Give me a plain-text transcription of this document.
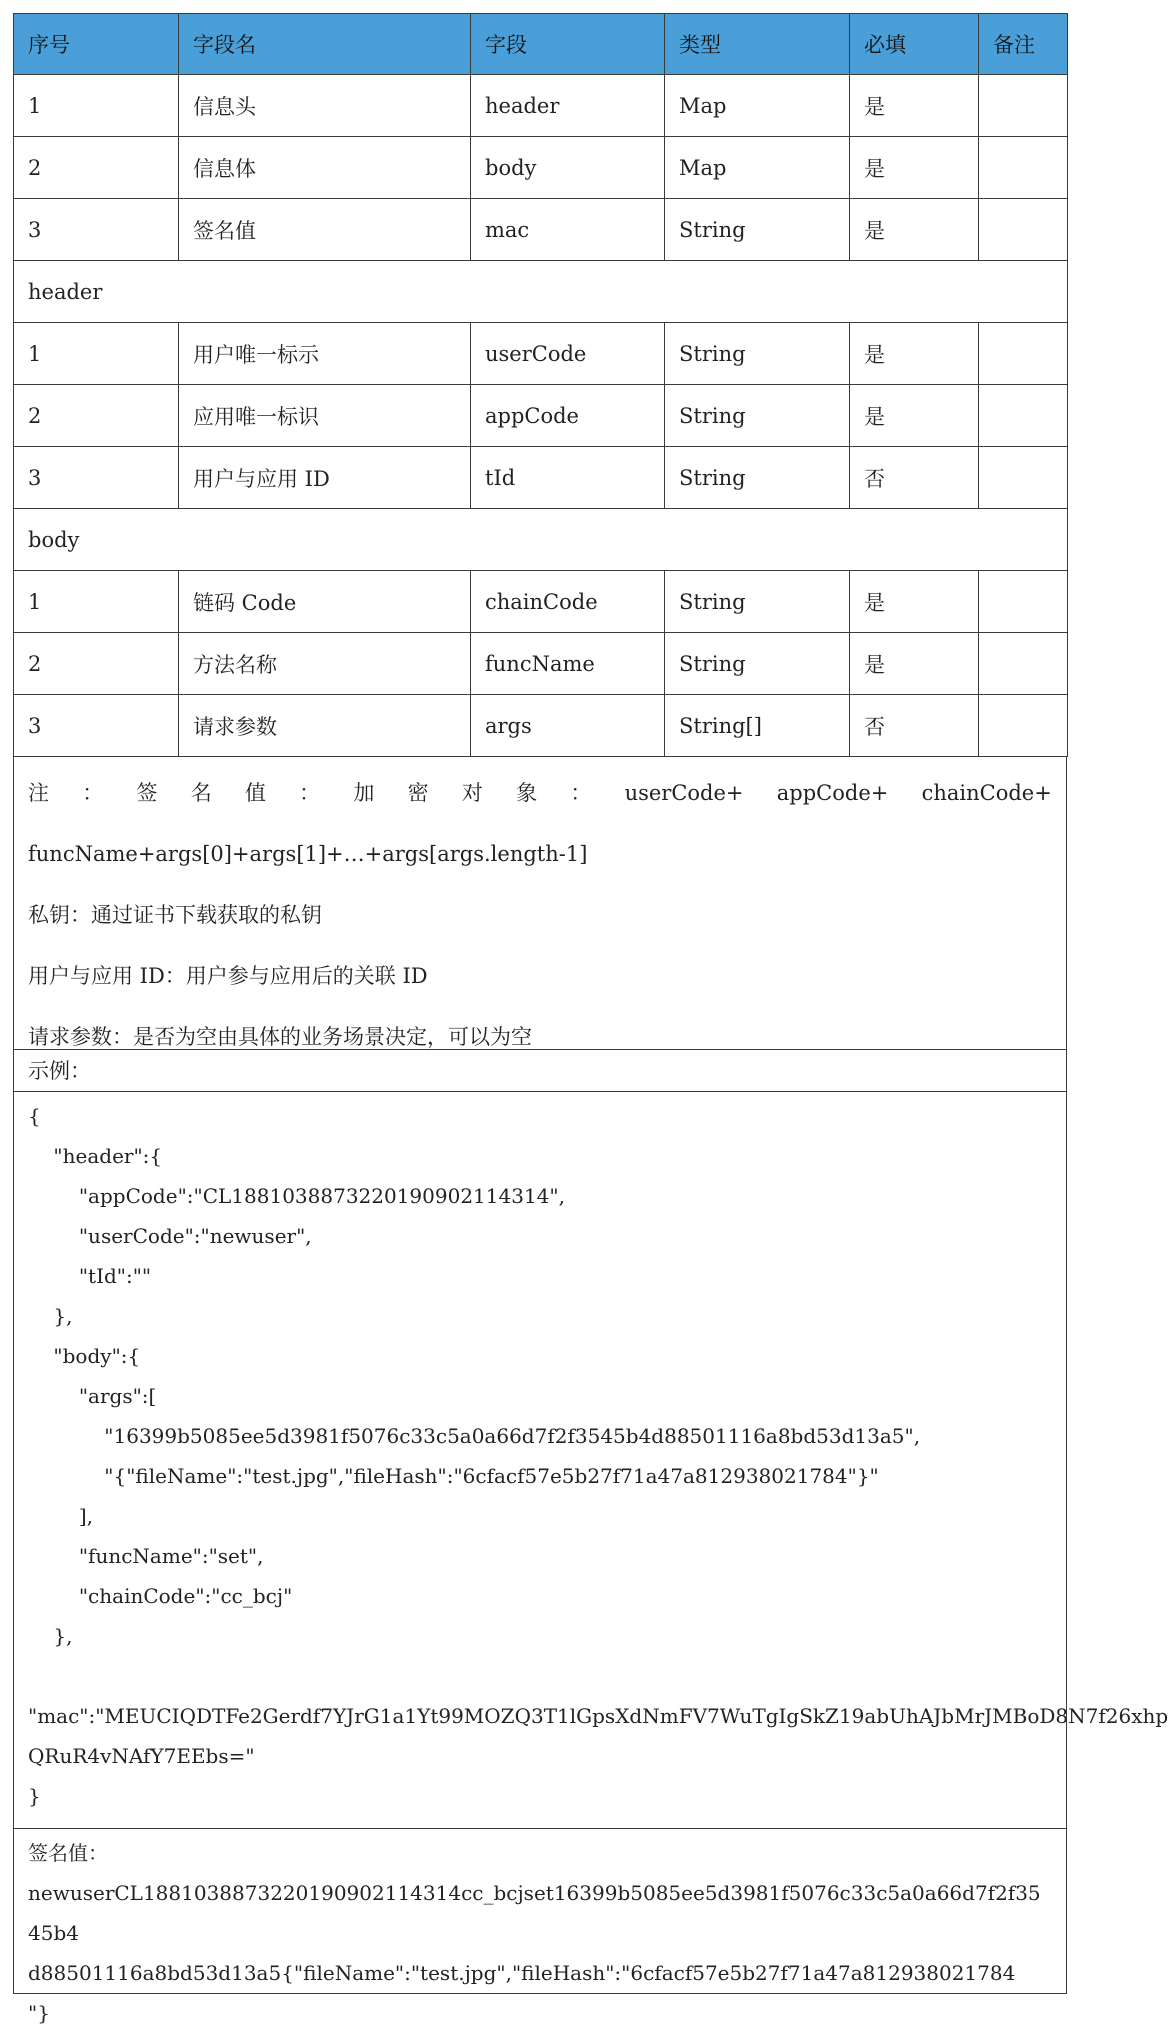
序号	字段名	字段	类型	必填	备注
1	信息头	header	Map	是	
2	信息体	body	Map	是	
3	签名值	mac	String	是	
header					
1	用户唯一标示	userCode	String	是	
2	应用唯一标识	appCode	String	是	
3	用户与应用 ID	tId	String	否	
body					
1	链码 Code	chainCode	String	是	
2	方法名称	funcName	String	是	
3	请求参数	args	String[]	否	
注 ： 签 名 值 ： 加 密 对 象 ： userCode+ appCode+ chainCode+
funcName+args[0]+args[1]+…+args[args.length-1]
私钥：通过证书下载获取的私钥
用户与应用 ID：用户参与应用后的关联 ID
请求参数：是否为空由具体的业务场景决定，可以为空
示例：
{
"header":{
"appCode":"CL1881038873220190902114314",
"userCode":"newuser",
"tId":""
},
"body":{
"args":[
"16399b5085ee5d3981f5076c33c5a0a66d7f2f3545b4d88501116a8bd53d13a5",
"{"fileName":"test.jpg","fileHash":"6cfacf57e5b27f71a47a812938021784"}"
],
"funcName":"set",
"chainCode":"cc_bcj"
},
"mac":"MEUCIQDTFe2Gerdf7YJrG1a1Yt99MOZQ3T1lGpsXdNmFV7WuTgIgSkZ19abUhAJbMrJMBoD8N7f26xhp
QRuR4vNAfY7EEbs="
}
签名值：
newuserCL1881038873220190902114314cc_bcjset16399b5085ee5d3981f5076c33c5a0a66d7f2f3545b4
d88501116a8bd53d13a5{"fileName":"test.jpg","fileHash":"6cfacf57e5b27f71a47a812938021784
"}
